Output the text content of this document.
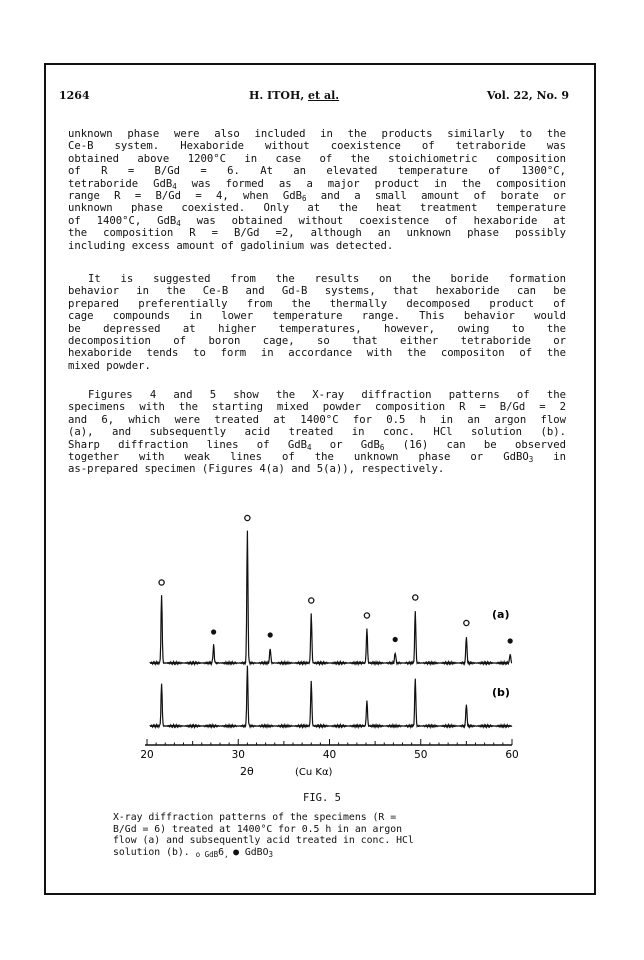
1264	H. ITOH, et al.	Vol. 22, No. 9
unknown phase were also included in the products similarly to the
Ce-B system. Hexaboride without coexistence of tetraboride was
obtained above 1200°C in case of the stoichiometric composition
of R = B/Gd = 6. At an elevated temperature of 1300°C,
tetraboride GdB$_4$ was formed as a major product in the composition
range R = B/Gd = 4, when GdB$_6$ and a small amount of borate or
unknown phase coexisted. Only at the heat treatment temperature
of 1400°C, GdB$_4$ was obtained without coexistence of hexaboride at
the composition R = B/Gd =2, although an unknown phase possibly
including excess amount of gadolinium was detected.
It is suggested from the results on the boride formation
behavior in the Ce-B and Gd-B systems, that hexaboride can be
prepared preferentially from the thermally decomposed product of
cage compounds in lower temperature range. This behavior would
be depressed at higher temperatures, however, owing to the
decomposition of boron cage, so that either tetraboride or
hexaboride tends to form in accordance with the compositon of the
mixed powder.
Figures 4 and 5 show the X-ray diffraction patterns of the
specimens with the starting mixed powder composition R = B/Gd = 2
and 6, which were treated at 1400°C for 0.5 h in an argon flow
(a), and subsequently acid treated in conc. HCl solution (b).
Sharp diffraction lines of GdB$_4$ or GdB$_6$ (16) can be observed
together with weak lines of the unknown phase or GdBO$_3$ in
as-prepared specimen (Figures 4(a) and 5(a)), respectively.
(a)
(b)
20	30	40	50	60
2θ	(Cu Kα)
FIG. 5
X-ray diffraction patterns of the specimens (R =
B/Gd = 6) treated at 1400°C for 0.5 h in an argon
flow (a) and subsequently acid treated in conc. HCl
solution (b). $_{o GdB}6_,$ ● GdBO$_3$
